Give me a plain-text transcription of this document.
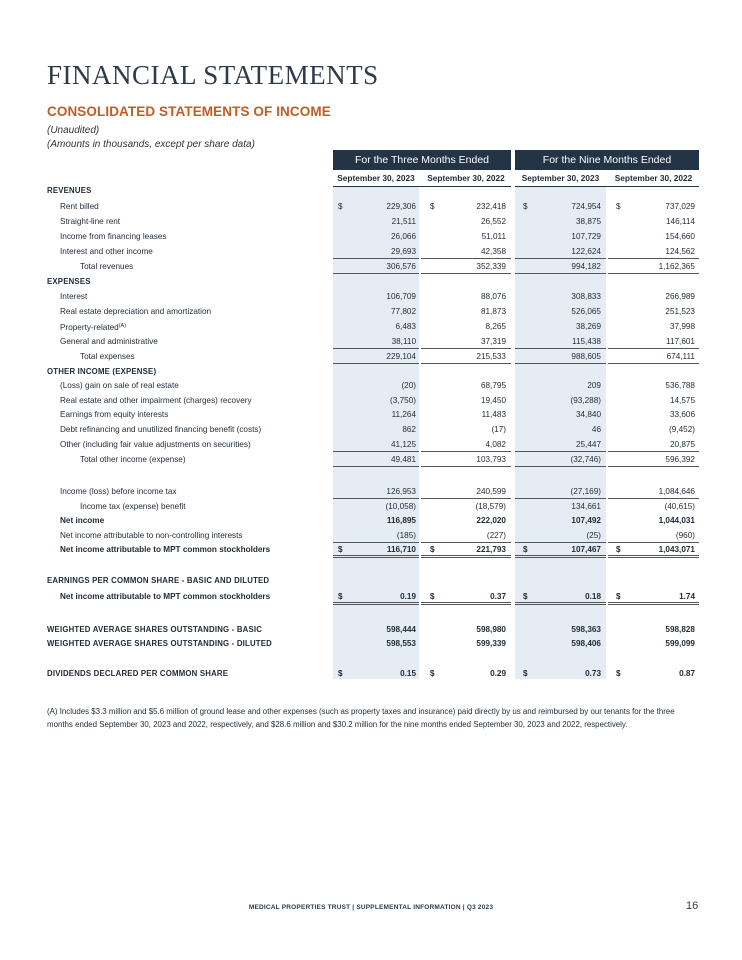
FINANCIAL STATEMENTS
CONSOLIDATED STATEMENTS OF INCOME
(Unaudited)
(Amounts in thousands, except per share data)
For the Three Months Ended	For the Nine Months Ended
September 30, 2023	September 30, 2022	September 30, 2023	September 30, 2022
REVENUES
Rent billed	$	229,306 $	232,418 $	724,954 $	737,029
Straight-line rent	21,511	26,552	38,875	146,114
Income from financing leases	26,066	51,011	107,729	154,660
Interest and other income	29,693	42,358	122,624	124,562
Total revenues	306,576	352,339	994,182	1,162,365
EXPENSES
Interest	106,709	88,076	308,833	266,989
Real estate depreciation and amortization	77,802	81,873	526,065	251,523
Property-related$^{(A)}$	6,483	8,265	38,269	37,998
General and administrative	38,110	37,319	115,438	117,601
Total expenses	229,104	215,533	988,605	674,111
OTHER INCOME (EXPENSE)
(Loss) gain on sale of real estate	(20)	68,795	209	536,788
Real estate and other impairment (charges) recovery	(3,750)	19,450	(93,288)	14,575
Earnings from equity interests	11,264	11,483	34,840	33,606
Debt refinancing and unutilized financing benefit (costs)	862	(17)	46	(9,452)
Other (including fair value adjustments on securities)	41,125	4,082	25,447	20,875
Total other income (expense)	49,481	103,793	(32,746)	596,392
Income (loss) before income tax	126,953	240,599	(27,169)	1,084,646
Income tax (expense) benefit	(10,058)	(18,579)	134,661	(40,615)
Net income	116,895	222,020	107,492	1,044,031
Net income attributable to non-controlling interests	(185)	(227)	(25)	(960)
Net income attributable to MPT common stockholders	$	116,710 $	221,793 $	107,467 $	1,043,071
EARNINGS PER COMMON SHARE - BASIC AND DILUTED
Net income attributable to MPT common stockholders	$	0.19 $	0.37 $	0.18 $	1.74
WEIGHTED AVERAGE SHARES OUTSTANDING - BASIC	598,444	598,980	598,363	598,828
WEIGHTED AVERAGE SHARES OUTSTANDING - DILUTED	598,553	599,339	598,406	599,099
DIVIDENDS DECLARED PER COMMON SHARE	$	0.15 $	0.29 $	0.73 $	0.87
(A) Includes $3.3 million and $5.6 million of ground lease and other expenses (such as property taxes and insurance) paid directly by us and reimbursed by our tenants for the three months ended September 30, 2023 and 2022, respectively, and $28.6 million and $30.2 million for the nine months ended September 30, 2023 and 2022, respectively.
MEDICAL PROPERTIES TRUST | SUPPLEMENTAL INFORMATION | Q3 2023	16
